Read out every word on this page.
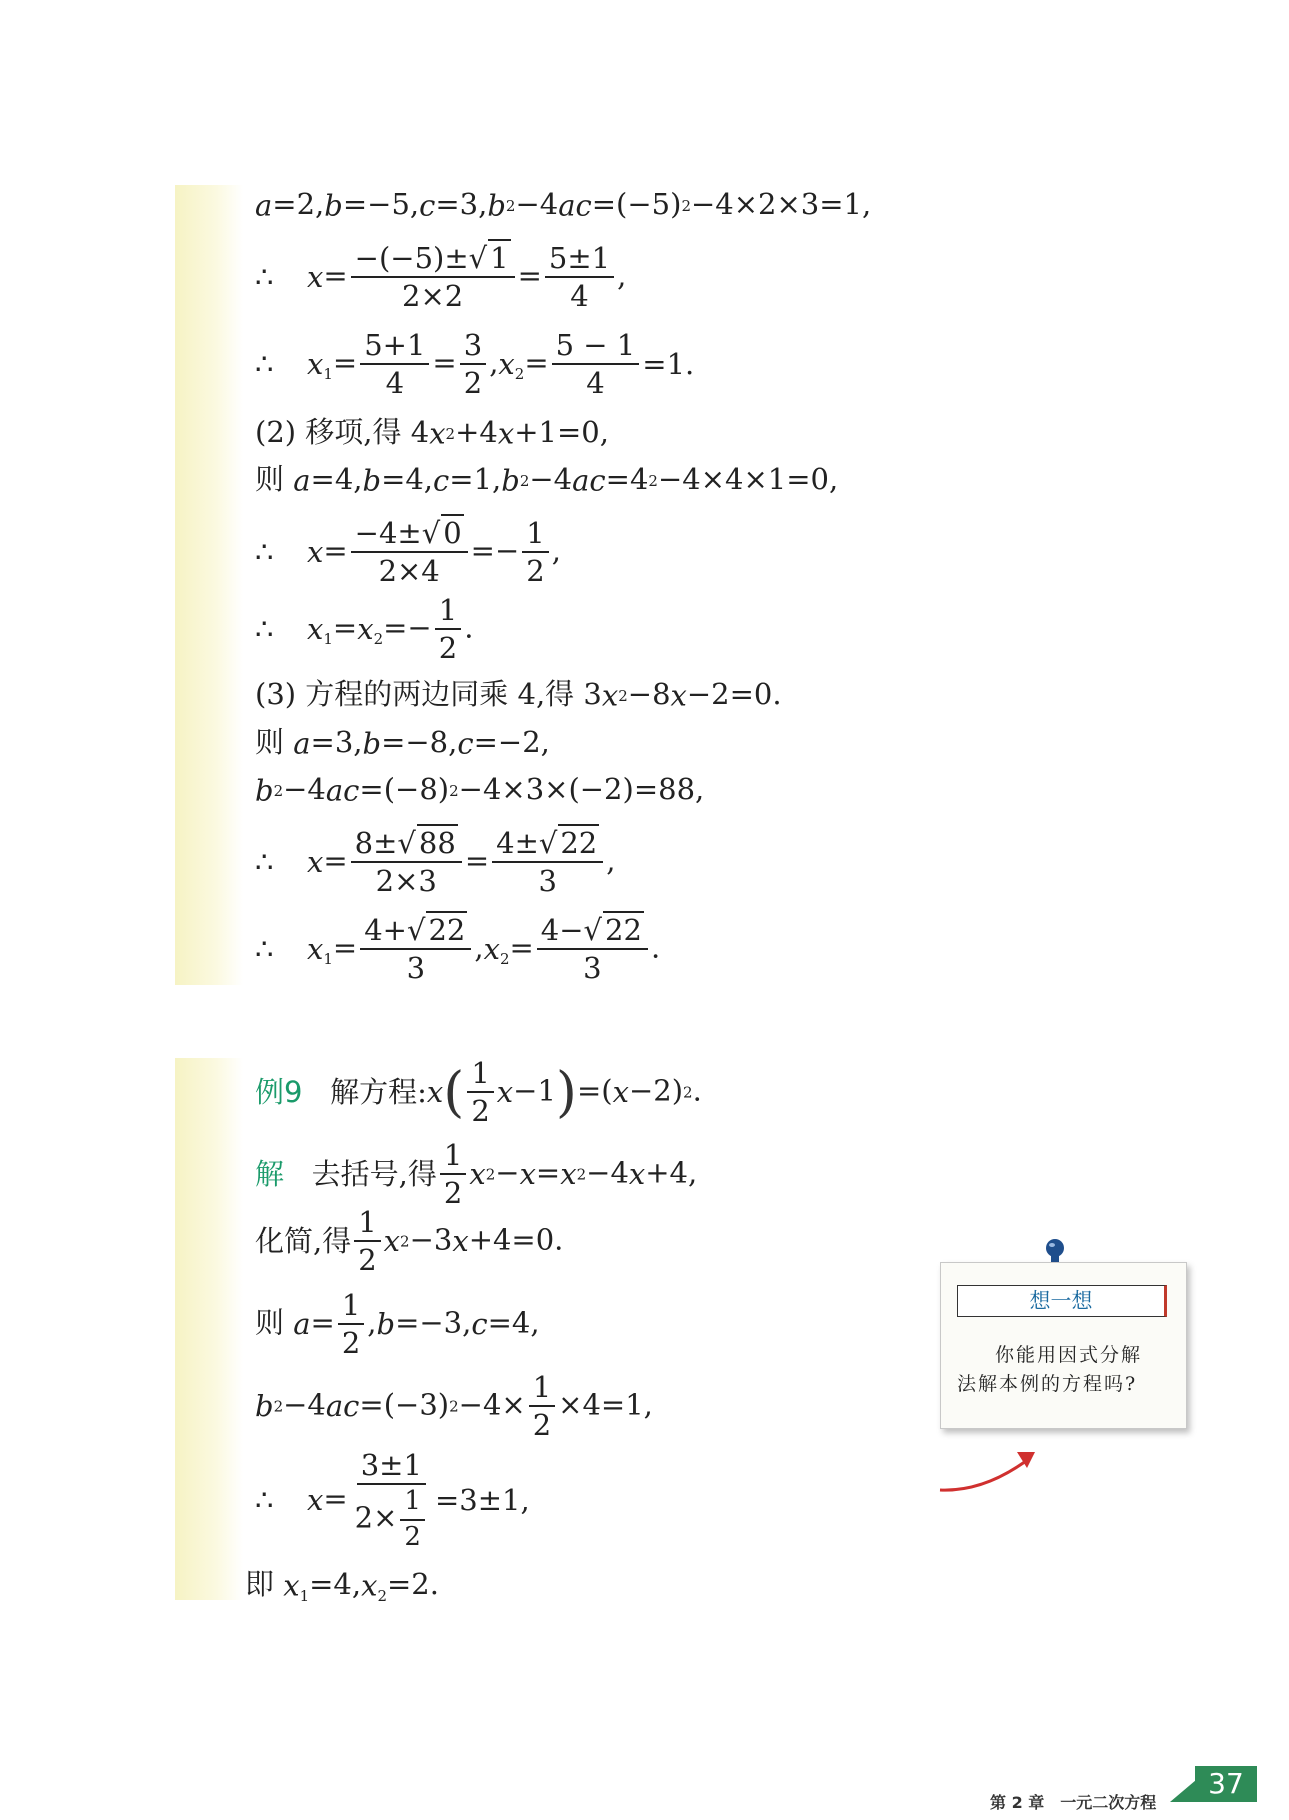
a=2,b=−5,c=3,b2−4ac=(−5)2−4×2×3=1,
∴ $x= \frac{-(-5)\pm√ 1}{2\times 2} = \frac{5\pm 1}{4}$ ,
∴ $x_1= \frac{5+1}{4} = \frac{3}{2} ,x_2= \frac{5 - 1}{4} =1$.
(2) 移项,得 4x2+4x+1=0,
则 a=4,b=4,c=1,b2−4ac=42−4×4×1=0,
∴ $x= \frac{-4\pm√ 0}{2\times 4} =- \frac{1}{2}$ ,
∴ $x_1=x_2=- \frac{1}{2}$ .
(3) 方程的两边同乘 4,得 3x2−8x−2=0.
则 a=3,b=−8,c=−2,
b2−4ac=(−8)2−4×3×(−2)=88,
∴ $x= \frac{8\pm√ 88}{2\times 3} = \frac{4\pm√ 22}{3}$ ,
∴ $x_1= \frac{4+√ 22}{3} ,x_2= \frac{4-√ 22}{3}$ .
例9 解方程:x( $\frac{1}{2} x-1)=(x-2)2$.
解 去括号,得 $\frac{1}{2} x2-x=x2-4x+4$,
化简,得 $\frac{1}{2} x2-3x+4=0$.
则 $a= \frac{1}{2} ,b=-3,c=4$,
$b2-4ac=(-3)2-4\times \frac{1}{2} \times 4=1$,
∴ $x= \frac{3\pm 1}{2\times \frac{1}{2}} =3\pm 1$,
即 $x_1=4,x_2=2$.
想一想
你能用因式分解
法解本例的方程吗?
第 2 章　一元二次方程
37
